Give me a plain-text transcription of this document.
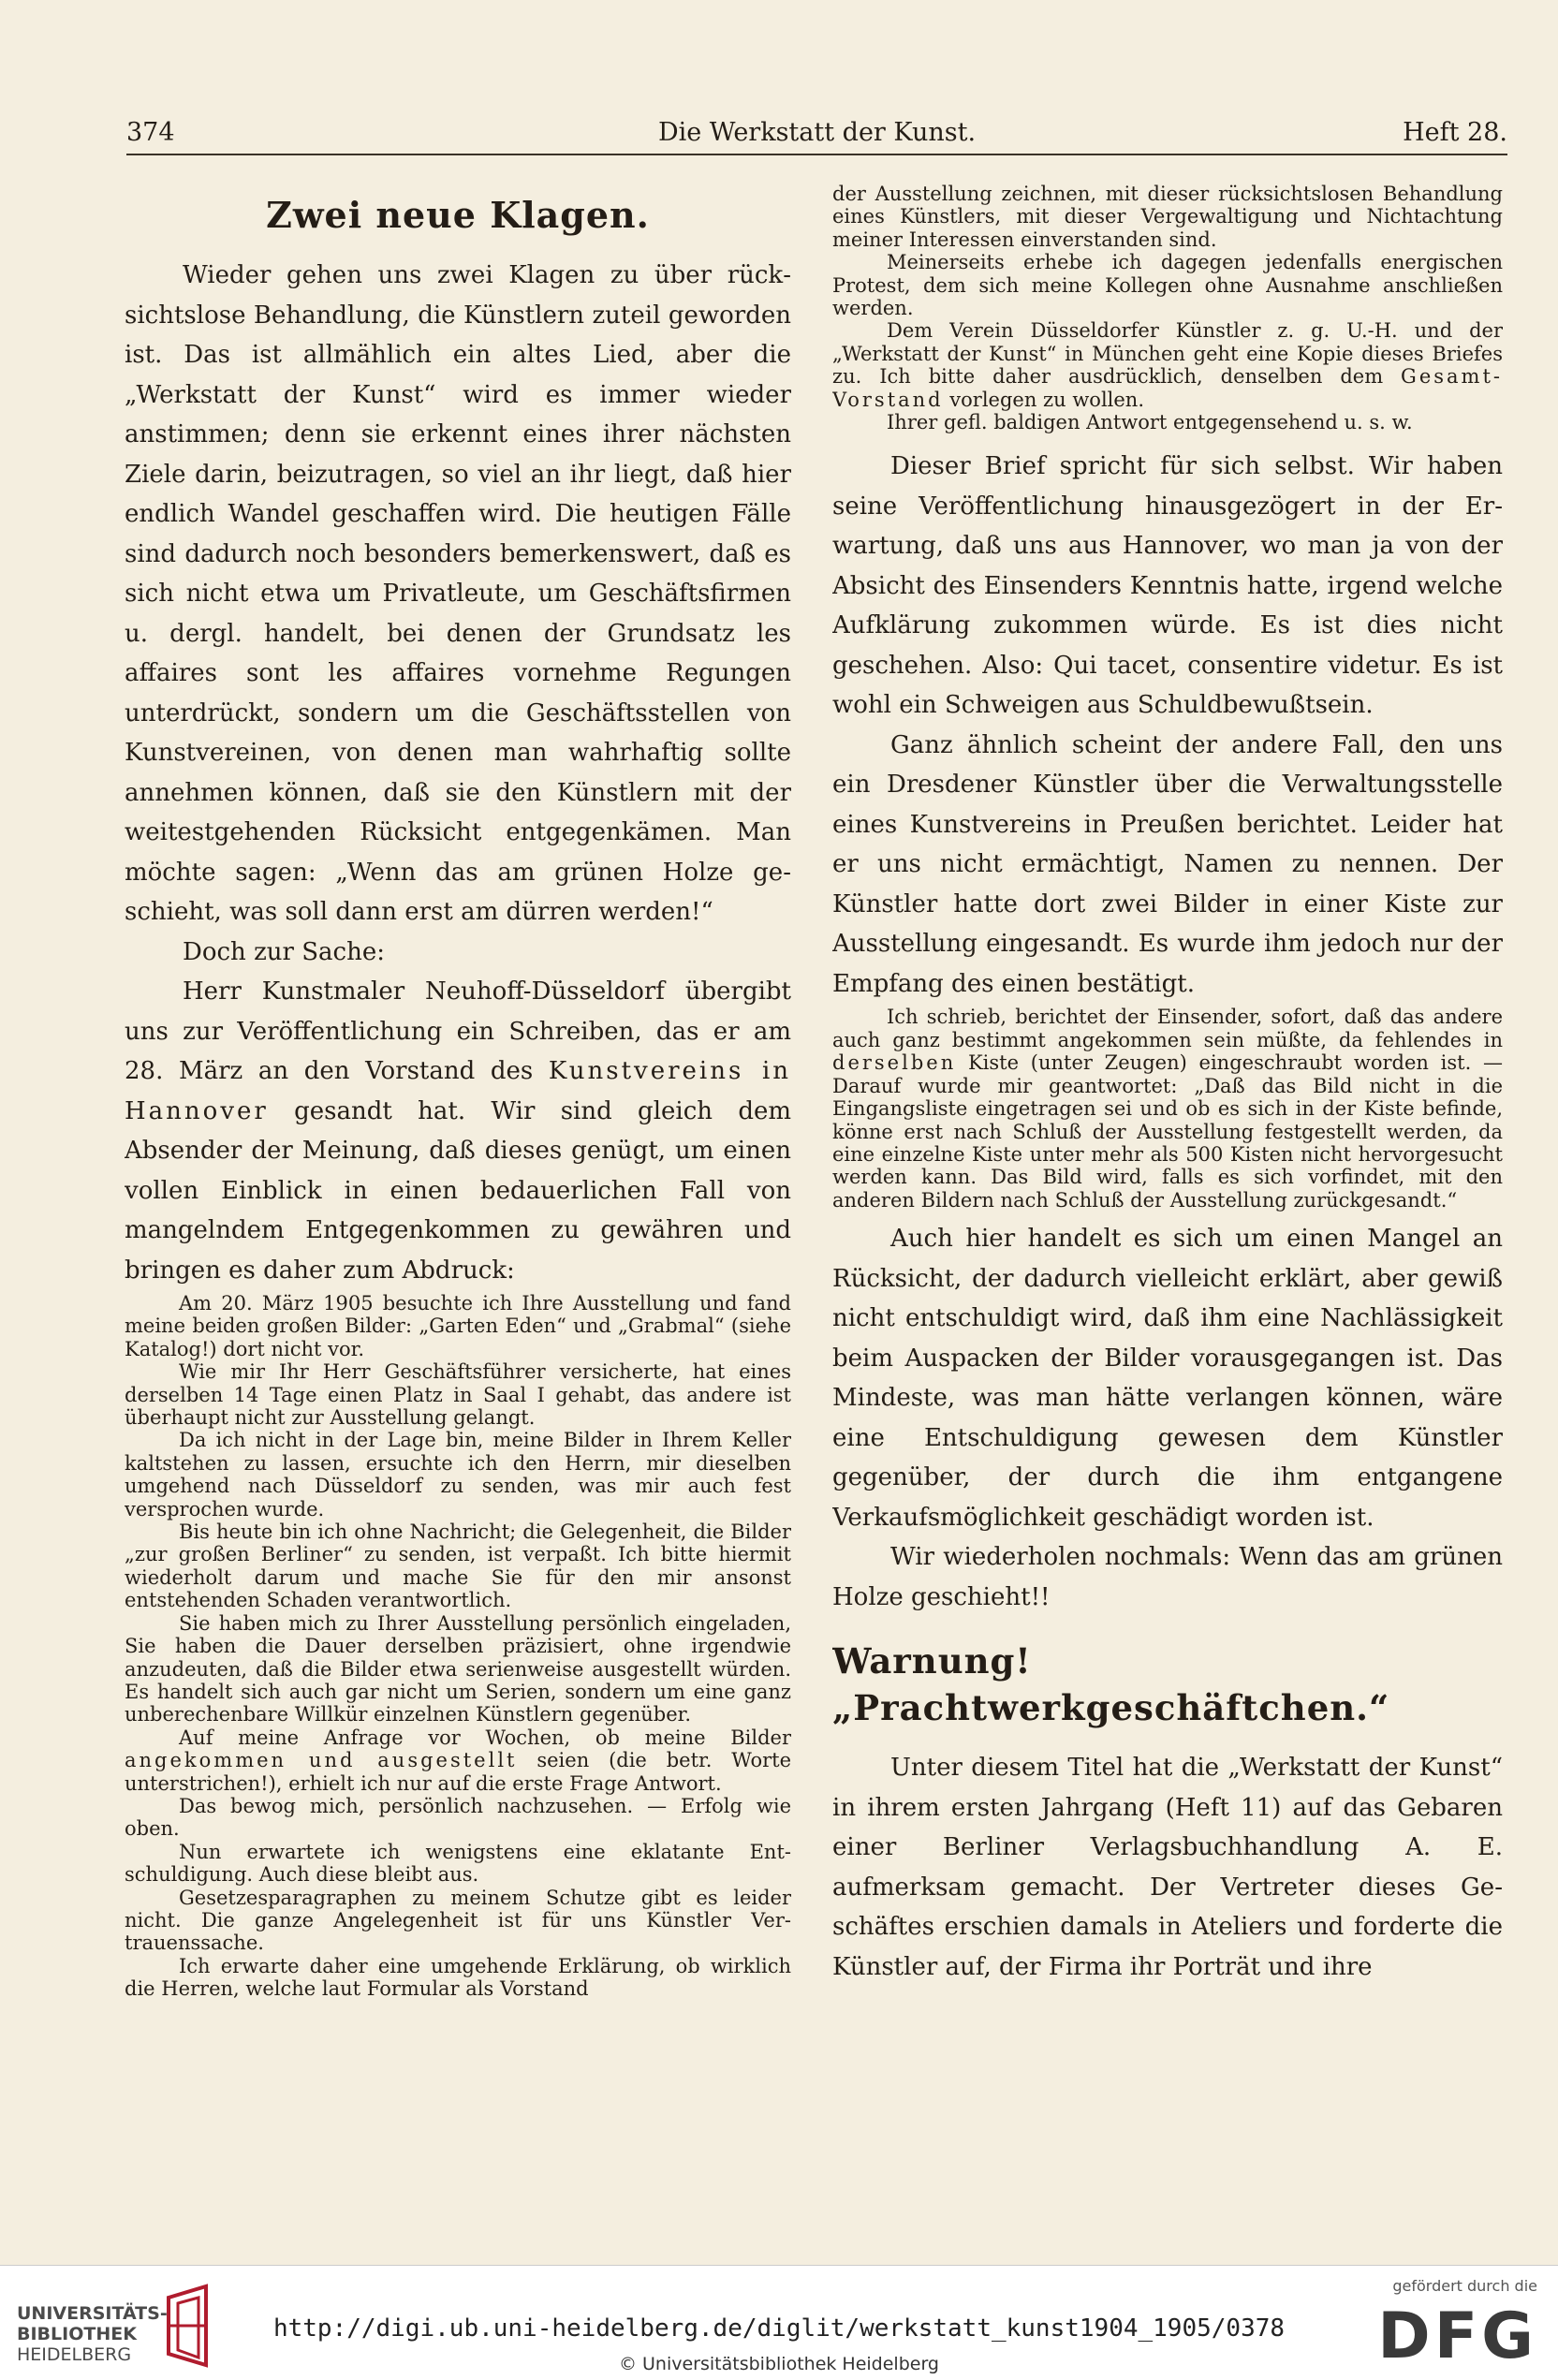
374	Die Werkstatt der Kunst.	Heft 28.
Zwei neue Klagen.

Wieder gehen uns zwei Klagen zu über rücksichtslose Behandlung, die Künstlern zuteil geworden ist. Das ist allmählich ein altes Lied, aber die „Werkstatt der Kunst“ wird es immer wieder anstimmen; denn sie erkennt eines ihrer nächsten Ziele darin, beizutragen, so viel an ihr liegt, daß hier endlich Wandel geschaffen wird. Die heutigen Fälle sind dadurch noch besonders bemerkenswert, daß es sich nicht etwa um Privatleute, um Geschäftsfirmen u. dergl. handelt, bei denen der Grundsatz les affaires sont les affaires vornehme Regungen unterdrückt, sondern um die Geschäftsstellen von Kunstvereinen, von denen man wahrhaftig sollte annehmen können, daß sie den Künstlern mit der weitestgehenden Rücksicht entgegenkämen. Man möchte sagen: „Wenn das am grünen Holze geschieht, was soll dann erst am dürren werden!“

Doch zur Sache:

Herr Kunstmaler Neuhoff-Düsseldorf übergibt uns zur Veröffentlichung ein Schreiben, das er am 28. März an den Vorstand des Kunstvereins in Hannover gesandt hat. Wir sind gleich dem Absender der Meinung, daß dieses genügt, um einen vollen Einblick in einen bedauerlichen Fall von mangelndem Entgegenkommen zu gewähren und bringen es daher zum Abdruck:

Am 20. März 1905 besuchte ich Ihre Ausstellung und fand meine beiden großen Bilder: „Garten Eden“ und „Grabmal“ (siehe Katalog!) dort nicht vor.

Wie mir Ihr Herr Geschäftsführer versicherte, hat eines derselben 14 Tage einen Platz in Saal I gehabt, das andere ist überhaupt nicht zur Ausstellung gelangt.

Da ich nicht in der Lage bin, meine Bilder in Ihrem Keller kaltstehen zu lassen, ersuchte ich den Herrn, mir dieselben umgehend nach Düsseldorf zu senden, was mir auch fest versprochen wurde.

Bis heute bin ich ohne Nachricht; die Gelegenheit, die Bilder „zur großen Berliner“ zu senden, ist verpaßt. Ich bitte hiermit wiederholt darum und mache Sie für den mir ansonst entstehenden Schaden verantwortlich.

Sie haben mich zu Ihrer Ausstellung persönlich eingeladen, Sie haben die Dauer derselben präzisiert, ohne irgendwie anzudeuten, daß die Bilder etwa serienweise ausgestellt würden. Es handelt sich auch gar nicht um Serien, sondern um eine ganz unberechenbare Willkür einzelnen Künstlern gegenüber.

Auf meine Anfrage vor Wochen, ob meine Bilder angekommen und ausgestellt seien (die betr. Worte unterstrichen!), erhielt ich nur auf die erste Frage Antwort.

Das bewog mich, persönlich nachzusehen. — Erfolg wie oben.

Nun erwartete ich wenigstens eine eklatante Entschuldigung. Auch diese bleibt aus.

Gesetzesparagraphen zu meinem Schutze gibt es leider nicht. Die ganze Angelegenheit ist für uns Künstler Vertrauenssache.

Ich erwarte daher eine umgehende Erklärung, ob wirklich die Herren, welche laut Formular als Vorstand

der Ausstellung zeichnen, mit dieser rücksichtslosen Behandlung eines Künstlers, mit dieser Vergewaltigung und Nichtachtung meiner Interessen einverstanden sind.

Meinerseits erhebe ich dagegen jedenfalls energischen Protest, dem sich meine Kollegen ohne Ausnahme anschließen werden.

Dem Verein Düsseldorfer Künstler z. g. U.-H. und der „Werkstatt der Kunst“ in München geht eine Kopie dieses Briefes zu. Ich bitte daher ausdrücklich, denselben dem Gesamt-Vorstand vorlegen zu wollen.

Ihrer gefl. baldigen Antwort entgegensehend u. s. w.

Dieser Brief spricht für sich selbst. Wir haben seine Veröffentlichung hinausgezögert in der Erwartung, daß uns aus Hannover, wo man ja von der Absicht des Einsenders Kenntnis hatte, irgend welche Aufklärung zukommen würde. Es ist dies nicht geschehen. Also: Qui tacet, consentire videtur. Es ist wohl ein Schweigen aus Schuldbewußtsein.

Ganz ähnlich scheint der andere Fall, den uns ein Dresdener Künstler über die Verwaltungsstelle eines Kunstvereins in Preußen berichtet. Leider hat er uns nicht ermächtigt, Namen zu nennen. Der Künstler hatte dort zwei Bilder in einer Kiste zur Ausstellung eingesandt. Es wurde ihm jedoch nur der Empfang des einen bestätigt.

Ich schrieb, berichtet der Einsender, sofort, daß das andere auch ganz bestimmt angekommen sein müßte, da fehlendes in derselben Kiste (unter Zeugen) eingeschraubt worden ist. — Darauf wurde mir geantwortet: „Daß das Bild nicht in die Eingangsliste eingetragen sei und ob es sich in der Kiste befinde, könne erst nach Schluß der Ausstellung festgestellt werden, da eine einzelne Kiste unter mehr als 500 Kisten nicht hervorgesucht werden kann. Das Bild wird, falls es sich vorfindet, mit den anderen Bildern nach Schluß der Ausstellung zurückgesandt.“

Auch hier handelt es sich um einen Mangel an Rücksicht, der dadurch vielleicht erklärt, aber gewiß nicht entschuldigt wird, daß ihm eine Nachlässigkeit beim Auspacken der Bilder vorausgegangen ist. Das Mindeste, was man hätte verlangen können, wäre eine Entschuldigung gewesen dem Künstler gegenüber, der durch die ihm entgangene Verkaufsmöglichkeit geschädigt worden ist.

Wir wiederholen nochmals: Wenn das am grünen Holze geschieht!!

Warnung! „Prachtwerkgeschäftchen.“

Unter diesem Titel hat die „Werkstatt der Kunst“ in ihrem ersten Jahrgang (Heft 11) auf das Gebaren einer Berliner Verlagsbuchhandlung A. E. aufmerksam gemacht. Der Vertreter dieses Geschäftes erschien damals in Ateliers und forderte die Künstler auf, der Firma ihr Porträt und ihre

UNIVERSITÄTS-
BIBLIOTHEK
HEIDELBERG
http://digi.ub.uni-heidelberg.de/diglit/werkstatt_kunst1904_1905/0378
© Universitätsbibliothek Heidelberg
gefördert durch die
DFG
